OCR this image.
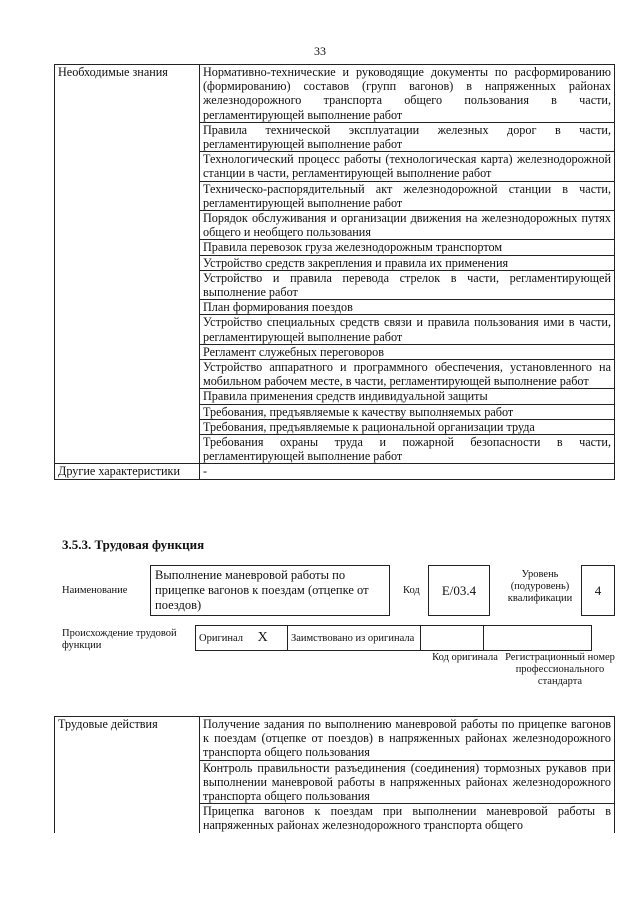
33
Необходимые знания	Нормативно-технические и руководящие документы по расформированию (формированию) составов (групп вагонов) в напряженных районах железнодорожного транспорта общего пользования в части, регламентирующей выполнение работ
	Правила технической эксплуатации железных дорог в части, регламентирующей выполнение работ
	Технологический процесс работы (технологическая карта) железнодорожной станции в части, регламентирующей выполнение работ
	Техническо-распорядительный акт железнодорожной станции в части, регламентирующей выполнение работ
	Порядок обслуживания и организации движения на железнодорожных путях общего и необщего пользования
	Правила перевозок груза железнодорожным транспортом
	Устройство средств закрепления и правила их применения
	Устройство и правила перевода стрелок в части, регламентирующей выполнение работ
	План формирования поездов
	Устройство специальных средств связи и правила пользования ими в части, регламентирующей выполнение работ
	Регламент служебных переговоров
	Устройство аппаратного и программного обеспечения, установленного на мобильном рабочем месте, в части, регламентирующей выполнение работ
	Правила применения средств индивидуальной защиты
	Требования, предъявляемые к качеству выполняемых работ
	Требования, предъявляемые к рациональной организации труда
	Требования охраны труда и пожарной безопасности в части, регламентирующей выполнение работ
Другие характеристики	-
3.5.3. Трудовая функция
Наименование
Выполнение маневровой работы по прицепке вагонов к поездам (отцепке от поездов)
Код	E/03.4
Уровень (подуровень) квалификации
4
Происхождение трудовой функции
Оригинал X	Заимствовано из оригинала		
Код оригинала Регистрационный номер профессионального стандарта
Трудовые действия	Получение задания по выполнению маневровой работы по прицепке вагонов к поездам (отцепке от поездов) в напряженных районах железнодорожного транспорта общего пользования
Контроль правильности разъединения (соединения) тормозных рукавов при выполнении маневровой работы в напряженных районах железнодорожного транспорта общего пользования
Прицепка вагонов к поездам при выполнении маневровой работы в напряженных районах железнодорожного транспорта общего
